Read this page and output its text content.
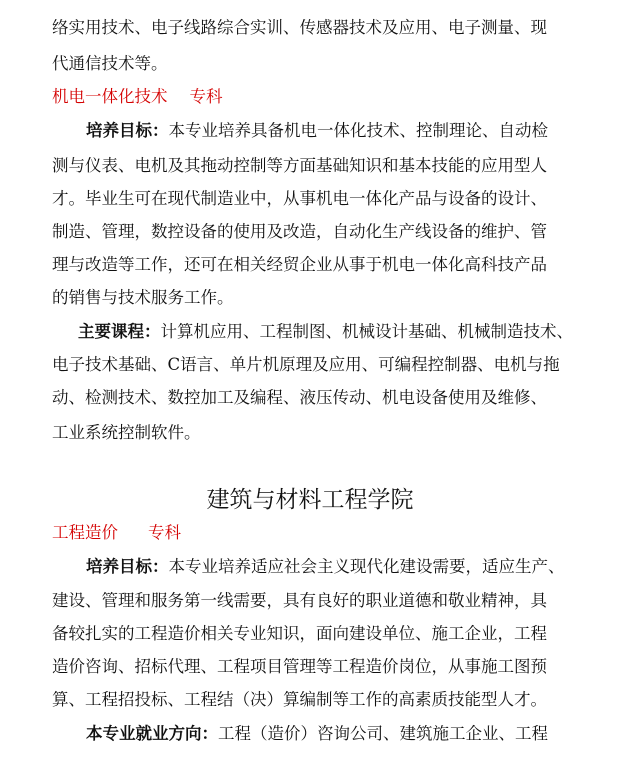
络实用技术、电子线路综合实训、传感器技术及应用、电子测量、现
代通信技术等。
机电一体化技术 专科
培养目标：本专业培养具备机电一体化技术、控制理论、自动检
测与仪表、电机及其拖动控制等方面基础知识和基本技能的应用型人
才。毕业生可在现代制造业中，从事机电一体化产品与设备的设计、
制造、管理，数控设备的使用及改造，自动化生产线设备的维护、管
理与改造等工作，还可在相关经贸企业从事于机电一体化高科技产品
的销售与技术服务工作。
主要课程：计算机应用、工程制图、机械设计基础、机械制造技术、
电子技术基础、C语言、单片机原理及应用、可编程控制器、电机与拖
动、检测技术、数控加工及编程、液压传动、机电设备使用及维修、
工业系统控制软件。
建筑与材料工程学院
工程造价 专科
培养目标：本专业培养适应社会主义现代化建设需要，适应生产、
建设、管理和服务第一线需要，具有良好的职业道德和敬业精神，具
备较扎实的工程造价相关专业知识，面向建设单位、施工企业，工程
造价咨询、招标代理、工程项目管理等工程造价岗位，从事施工图预
算、工程招投标、工程结（决）算编制等工作的高素质技能型人才。
本专业就业方向：工程（造价）咨询公司、建筑施工企业、工程
